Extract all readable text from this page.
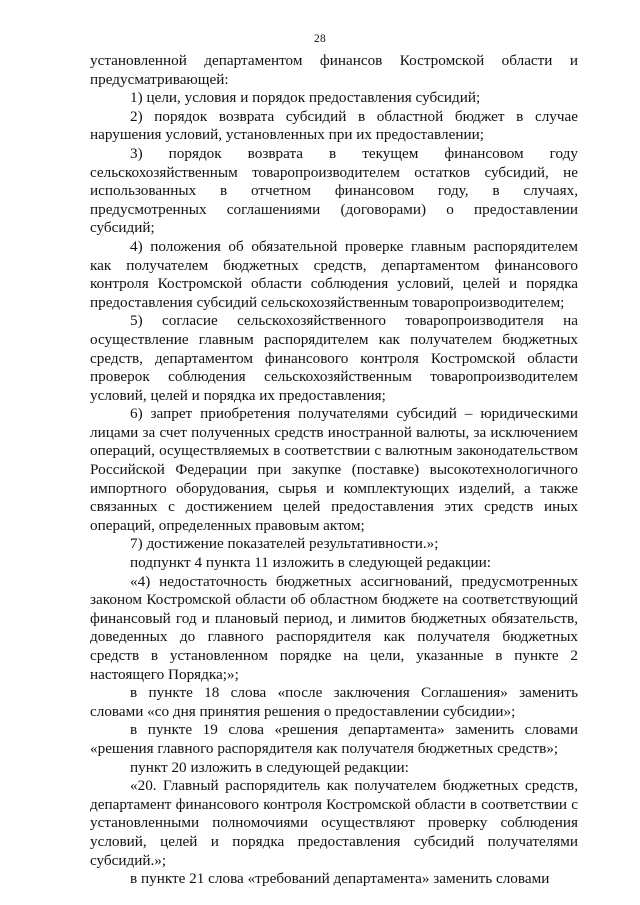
28

установленной департаментом финансов Костромской области и предусматривающей:

1) цели, условия и порядок предоставления субсидий;

2) порядок возврата субсидий в областной бюджет в случае нарушения условий, установленных при их предоставлении;

3) порядок возврата в текущем финансовом году сельскохозяйственным товаропроизводителем остатков субсидий, не использованных в отчетном финансовом году, в случаях, предусмотренных соглашениями (договорами) о предоставлении субсидий;

4) положения об обязательной проверке главным распорядителем как получателем бюджетных средств, департаментом финансового контроля Костромской области соблюдения условий, целей и порядка предоставления субсидий сельскохозяйственным товаропроизводителем;

5) согласие сельскохозяйственного товаропроизводителя на осуществление главным распорядителем как получателем бюджетных средств, департаментом финансового контроля Костромской области проверок соблюдения сельскохозяйственным товаропроизводителем условий, целей и порядка их предоставления;

6) запрет приобретения получателями субсидий – юридическими лицами за счет полученных средств иностранной валюты, за исключением операций, осуществляемых в соответствии с валютным законодательством Российской Федерации при закупке (поставке) высокотехнологичного импортного оборудования, сырья и комплектующих изделий, а также связанных с достижением целей предоставления этих средств иных операций, определенных правовым актом;

7) достижение показателей результативности.»;

подпункт 4 пункта 11 изложить в следующей редакции:

«4) недостаточность бюджетных ассигнований, предусмотренных законом Костромской области об областном бюджете на соответствующий финансовый год и плановый период, и лимитов бюджетных обязательств, доведенных до главного распорядителя как получателя бюджетных средств в установленном порядке на цели, указанные в пункте 2 настоящего Порядка;»;

в пункте 18 слова «после заключения Соглашения» заменить словами «со дня принятия решения о предоставлении субсидии»;

в пункте 19 слова «решения департамента» заменить словами «решения главного распорядителя как получателя бюджетных средств»;

пункт 20 изложить в следующей редакции:

«20. Главный распорядитель как получателем бюджетных средств, департамент финансового контроля Костромской области в соответствии с установленными полномочиями осуществляют проверку соблюдения условий, целей и порядка предоставления субсидий получателями субсидий.»;

в пункте 21 слова «требований департамента» заменить словами
